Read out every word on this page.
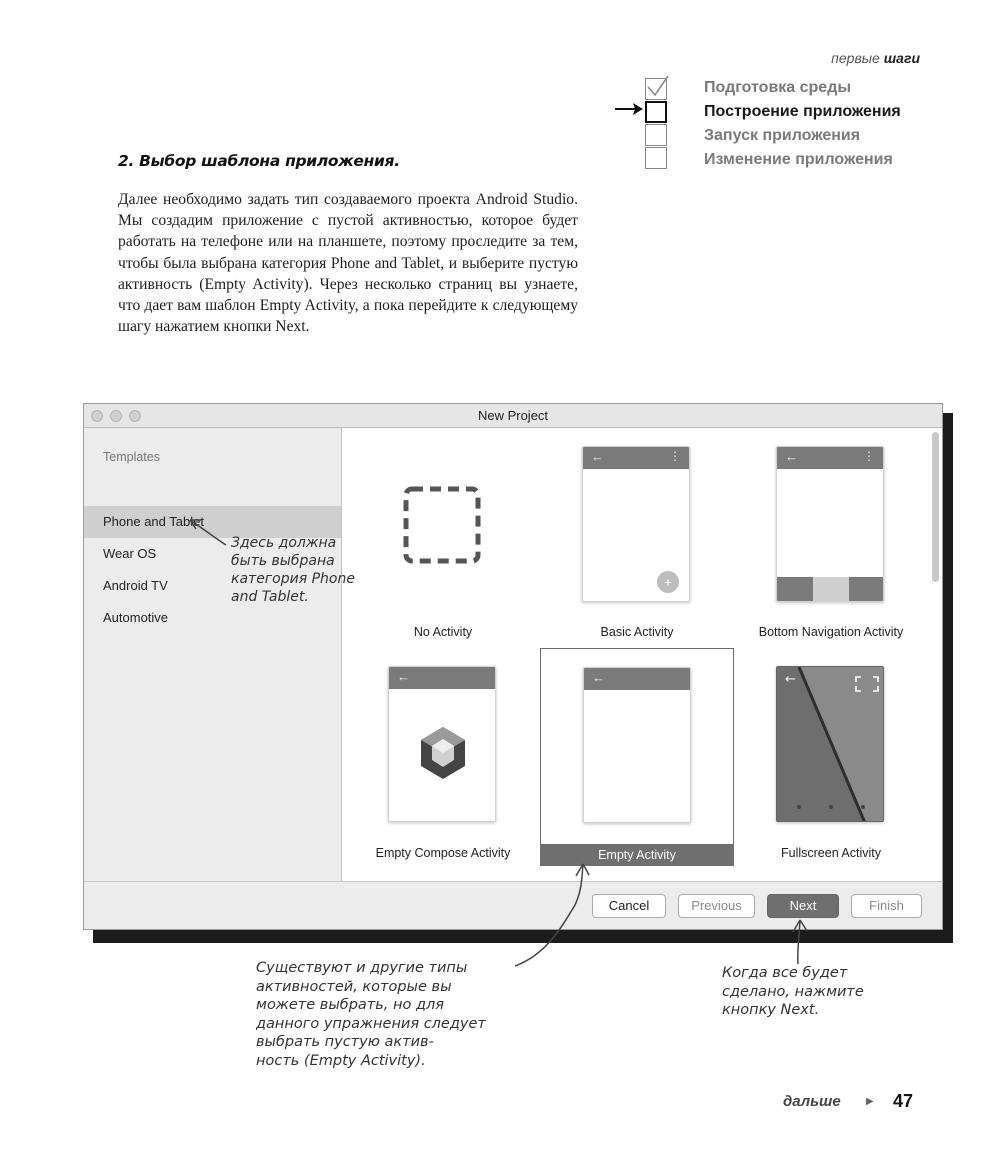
первые шаги
Подготовка среды
Построение приложения
Запуск приложения
Изменение приложения
2. Выбор шаблона приложения.
Далее необходимо задать тип создаваемого проекта Android Studio. Мы создадим приложение с пустой активностью, которое будет работать на телефоне или на планшете, поэтому проследите за тем, чтобы была выбрана категория Phone and Tablet, и выберите пустую активность (Empty Activity). Через несколько страниц вы узнаете, что дает вам шаблон Empty Activity, а пока перейдите к следующему шагу нажатием кнопки Next.
New Project
Templates
Phone and Tablet
Wear OS
Android TV
Automotive
No Activity
←	⋮
+
Basic Activity
←	⋮
Bottom Navigation Activity
←
Empty Compose Activity
←
Empty Activity
←
Fullscreen Activity
Cancel	Previous	Next	Finish
Здесь должна
быть выбрана
категория Phone
and Tablet.
Существуют и другие типы
активностей, которые вы
можете выбрать, но для
данного упражнения следует
выбрать пустую актив-
ность (Empty Activity).
Когда все будет
сделано, нажмите
кнопку Next.
дальше	▶ 47
